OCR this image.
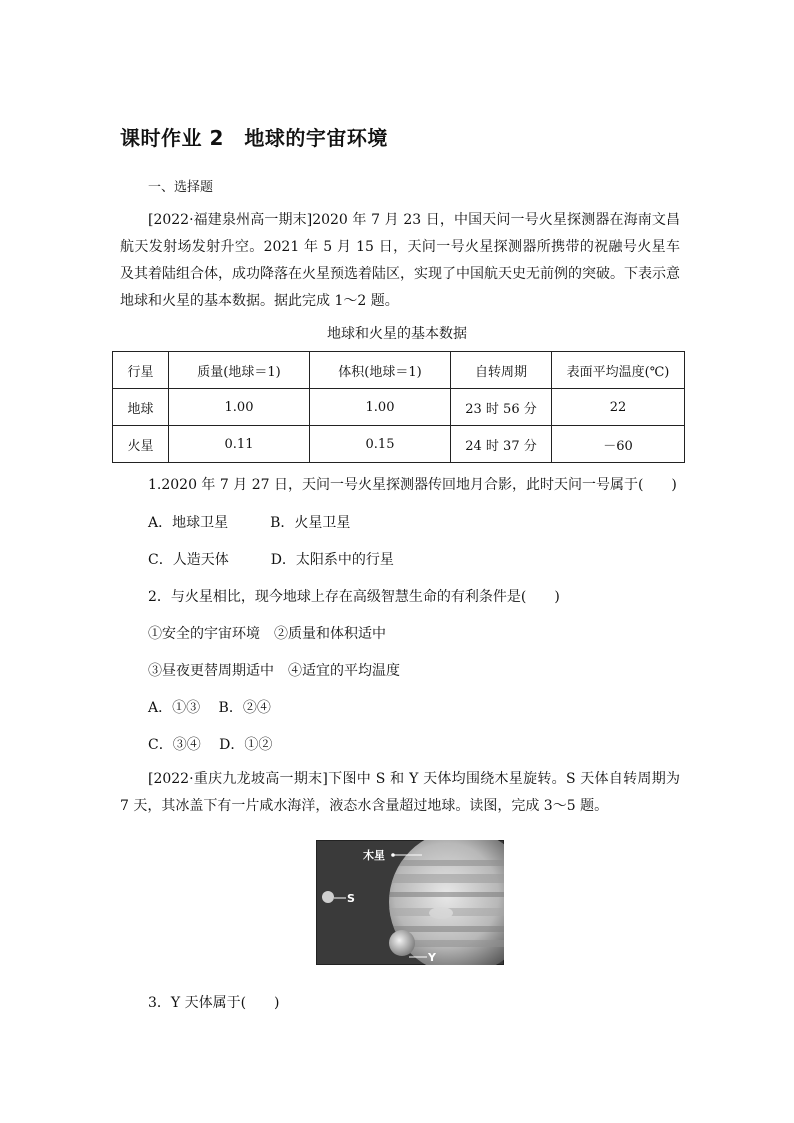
课时作业 2　地球的宇宙环境
一、选择题
[2022·福建泉州高一期末]2020 年 7 月 23 日，中国天问一号火星探测器在海南文昌航天发射场发射升空。2021 年 5 月 15 日，天问一号火星探测器所携带的祝融号火星车及其着陆组合体，成功降落在火星预选着陆区，实现了中国航天史无前例的突破。下表示意地球和火星的基本数据。据此完成 1～2 题。
地球和火星的基本数据
行星	质量(地球＝1)	体积(地球＝1)	自转周期	表面平均温度(℃)
地球	1.00	1.00	23 时 56 分	22
火星	0.11	0.15	24 时 37 分	－60
1.2020 年 7 月 27 日，天问一号火星探测器传回地月合影，此时天问一号属于(　　)
A．地球卫星　　　B．火星卫星
C．人造天体　　　D．太阳系中的行星
2．与火星相比，现今地球上存在高级智慧生命的有利条件是(　　)
①安全的宇宙环境　②质量和体积适中
③昼夜更替周期适中　④适宜的平均温度
A．①③　 B．②④
C．③④　 D．①②
[2022·重庆九龙坡高一期末]下图中 S 和 Y 天体均围绕木星旋转。S 天体自转周期为 7 天，其冰盖下有一片咸水海洋，液态水含量超过地球。读图，完成 3～5 题。
木星
S
Y
3．Y 天体属于(　　)
